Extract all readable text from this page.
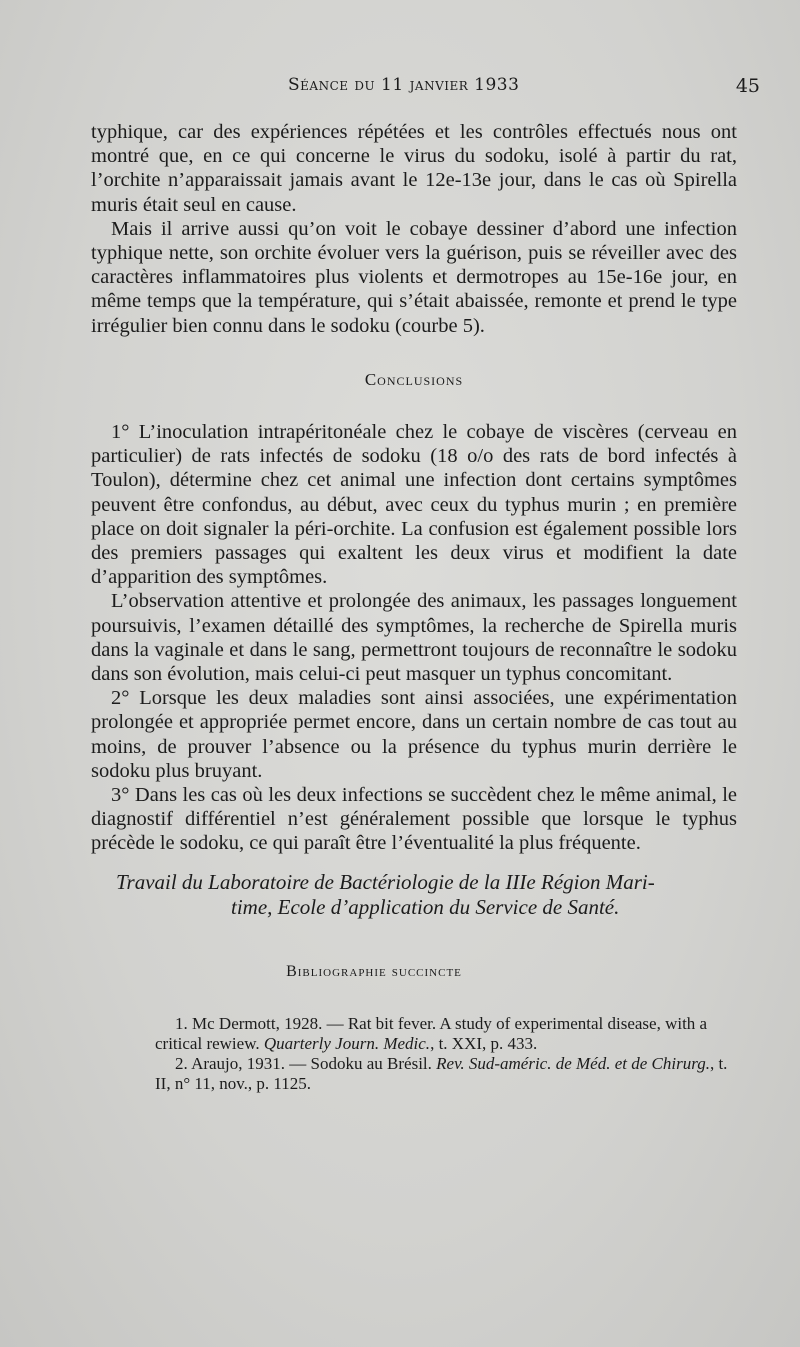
Séance du 11 janvier 1933	45

typhique, car des expériences répétées et les contrôles effectués nous ont montré que, en ce qui concerne le virus du sodoku, isolé à partir du rat, l’orchite n’apparaissait jamais avant le 12e-13e jour, dans le cas où Spirella muris était seul en cause.

Mais il arrive aussi qu’on voit le cobaye dessiner d’abord une infection typhique nette, son orchite évoluer vers la guérison, puis se réveiller avec des caractères inflammatoires plus violents et dermotropes au 15e-16e jour, en même temps que la température, qui s’était abaissée, remonte et prend le type irrégulier bien connu dans le sodoku (courbe 5).

Conclusions

1° L’inoculation intrapéritonéale chez le cobaye de viscères (cerveau en particulier) de rats infectés de sodoku (18 o/o des rats de bord infectés à Toulon), détermine chez cet animal une infection dont certains symptômes peuvent être confondus, au début, avec ceux du typhus murin ; en première place on doit signaler la péri-orchite. La confusion est également possible lors des premiers passages qui exaltent les deux virus et modifient la date d’apparition des symptômes.

L’observation attentive et prolongée des animaux, les passages longuement poursuivis, l’examen détaillé des symptômes, la recherche de Spirella muris dans la vaginale et dans le sang, permettront toujours de reconnaître le sodoku dans son évolution, mais celui-ci peut masquer un typhus concomitant.

2° Lorsque les deux maladies sont ainsi associées, une expérimentation prolongée et appropriée permet encore, dans un certain nombre de cas tout au moins, de prouver l’absence ou la présence du typhus murin derrière le sodoku plus bruyant.

3° Dans les cas où les deux infections se succèdent chez le même animal, le diagnostif différentiel n’est généralement possible que lorsque le typhus précède le sodoku, ce qui paraît être l’éventualité la plus fréquente.

Travail du Laboratoire de Bactériologie de la IIIe Région Mari-
time, Ecole d’application du Service de Santé.
Bibliographie succincte

1. Mc Dermott, 1928. — Rat bit fever. A study of experimental disease, with a critical rewiew. Quarterly Journ. Medic., t. XXI, p. 433.

2. Araujo, 1931. — Sodoku au Brésil. Rev. Sud-améric. de Méd. et de Chirurg., t. II, n° 11, nov., p. 1125.
